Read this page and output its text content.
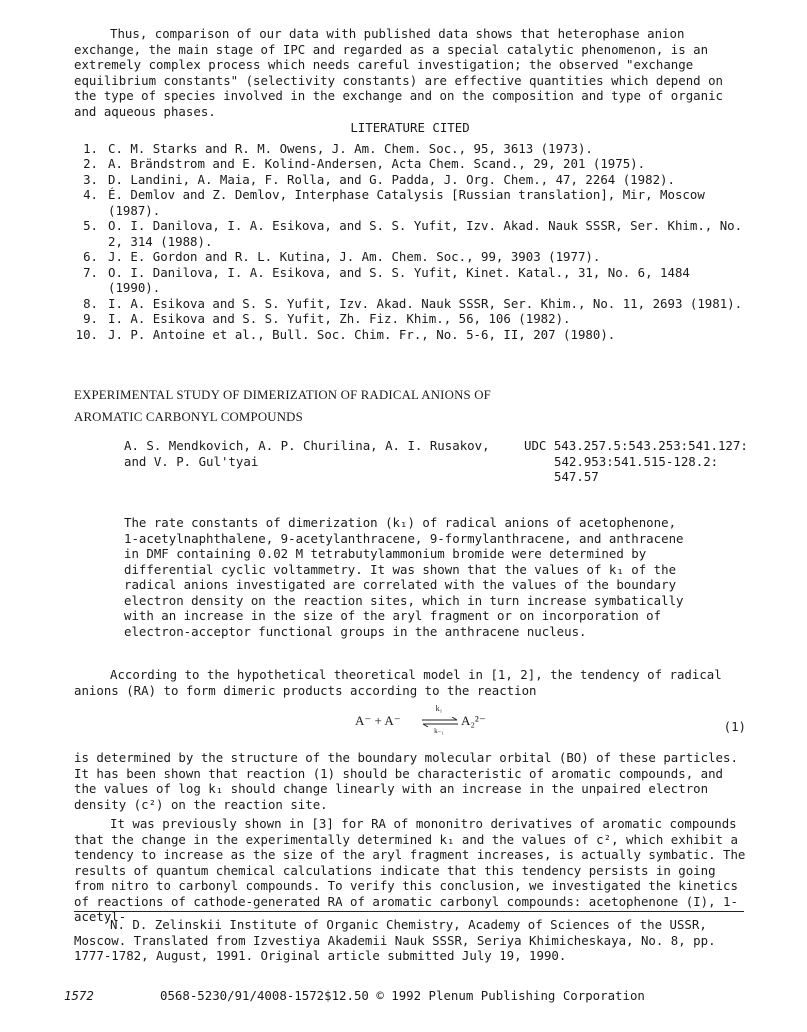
Thus, comparison of our data with published data shows that heterophase anion exchange, the main stage of IPC and regarded as a special catalytic phenomenon, is an extremely complex process which needs careful investigation; the observed "exchange equilibrium constants" (selectivity constants) are effective quantities which depend on the type of species involved in the exchange and on the composition and type of organic and aqueous phases.

LITERATURE CITED
1. C. M. Starks and R. M. Owens, J. Am. Chem. Soc., 95, 3613 (1973).
2. A. Brändstrom and E. Kolind-Andersen, Acta Chem. Scand., 29, 201 (1975).
3. D. Landini, A. Maia, F. Rolla, and G. Padda, J. Org. Chem., 47, 2264 (1982).
4. É. Demlov and Z. Demlov, Interphase Catalysis [Russian translation], Mir, Moscow (1987).
5. O. I. Danilova, I. A. Esikova, and S. S. Yufit, Izv. Akad. Nauk SSSR, Ser. Khim., No. 2, 314 (1988).
6. J. E. Gordon and R. L. Kutina, J. Am. Chem. Soc., 99, 3903 (1977).
7. O. I. Danilova, I. A. Esikova, and S. S. Yufit, Kinet. Katal., 31, No. 6, 1484 (1990).
8. I. A. Esikova and S. S. Yufit, Izv. Akad. Nauk SSSR, Ser. Khim., No. 11, 2693 (1981).
9. I. A. Esikova and S. S. Yufit, Zh. Fiz. Khim., 56, 106 (1982).
10. J. P. Antoine et al., Bull. Soc. Chim. Fr., No. 5-6, II, 207 (1980).
EXPERIMENTAL STUDY OF DIMERIZATION OF RADICAL ANIONS OF
AROMATIC CARBONYL COMPOUNDS
A. S. Mendkovich, A. P. Churilina, A. I. Rusakov,
and V. P. Gul'tyai
UDC 543.257.5:543.253:541.127:
542.953:541.515-128.2:
547.57

The rate constants of dimerization (k₁) of radical anions of acetophenone, 1-acetylnaphthalene, 9-acetylanthracene, 9-formylanthracene, and anthracene in DMF containing 0.02 M tetrabutylammonium bromide were determined by differential cyclic voltammetry. It was shown that the values of k₁ of the radical anions investigated are correlated with the values of the boundary electron density on the reaction sites, which in turn increase symbatically with an increase in the size of the aryl fragment or on incorporation of electron-acceptor functional groups in the anthracene nucleus.

According to the hypothetical theoretical model in [1, 2], the tendency of radical anions (RA) to form dimeric products according to the reaction

A⁻ + A⁻
k₁
k₋₁
A₂²⁻	(1)

is determined by the structure of the boundary molecular orbital (BO) of these particles. It has been shown that reaction (1) should be characteristic of aromatic compounds, and the values of log k₁ should change linearly with an increase in the unpaired electron density (c²) on the reaction site.

It was previously shown in [3] for RA of mononitro derivatives of aromatic compounds that the change in the experimentally determined k₁ and the values of c², which exhibit a tendency to increase as the size of the aryl fragment increases, is actually symbatic. The results of quantum chemical calculations indicate that this tendency persists in going from nitro to carbonyl compounds. To verify this conclusion, we investigated the kinetics of reactions of cathode-generated RA of aromatic carbonyl compounds: acetophenone (I), 1-acetyl-

N. D. Zelinskii Institute of Organic Chemistry, Academy of Sciences of the USSR, Moscow. Translated from Izvestiya Akademii Nauk SSSR, Seriya Khimicheskaya, No. 8, pp. 1777-1782, August, 1991. Original article submitted July 19, 1990.

1572	0568-5230/91/4008-1572$12.50 © 1992 Plenum Publishing Corporation
